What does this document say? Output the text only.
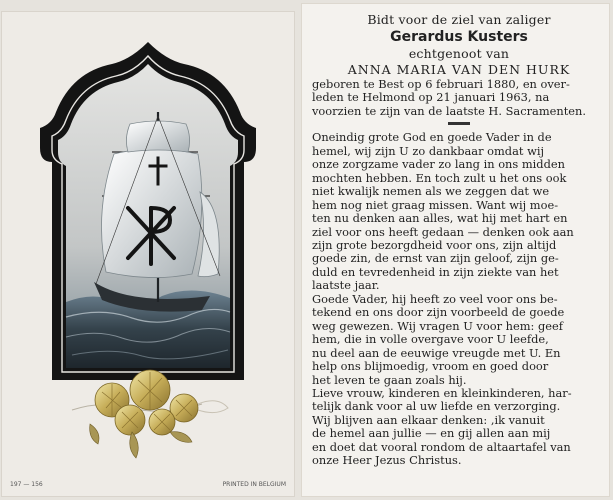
197 — 156	PRINTED IN BELGIUM
Bidt voor de ziel van zaliger
Gerardus Kusters
echtgenoot van
ANNA MARIA VAN DEN HURK

geboren te Best op 6 februari 1880, en over-

leden te Helmond op 21 januari 1963, na

voorzien te zijn van de laatste H. Sacramenten.

Oneindig grote God en goede Vader in de

hemel, wij zijn U zo dankbaar omdat wij

onze zorgzame vader zo lang in ons midden

mochten hebben. En toch zult u het ons ook

niet kwalijk nemen als we zeggen dat we

hem nog niet graag missen. Want wij moe-

ten nu denken aan alles, wat hij met hart en

ziel voor ons heeft gedaan — denken ook aan

zijn grote bezorgdheid voor ons, zijn altijd

goede zin, de ernst van zijn geloof, zijn ge-

duld en tevredenheid in zijn ziekte van het

laatste jaar.

Goede Vader, hij heeft zo veel voor ons be-

tekend en ons door zijn voorbeeld de goede

weg gewezen. Wij vragen U voor hem: geef

hem, die in volle overgave voor U leefde,

nu deel aan de eeuwige vreugde met U. En

help ons blijmoedig, vroom en goed door

het leven te gaan zoals hij.

Lieve vrouw, kinderen en kleinkinderen, har-

telijk dank voor al uw liefde en verzorging.

Wij blijven aan elkaar denken: ,ik vanuit

de hemel aan jullie — en gij allen aan mij

en doet dat vooral rondom de altaartafel van

onze Heer Jezus Christus.
